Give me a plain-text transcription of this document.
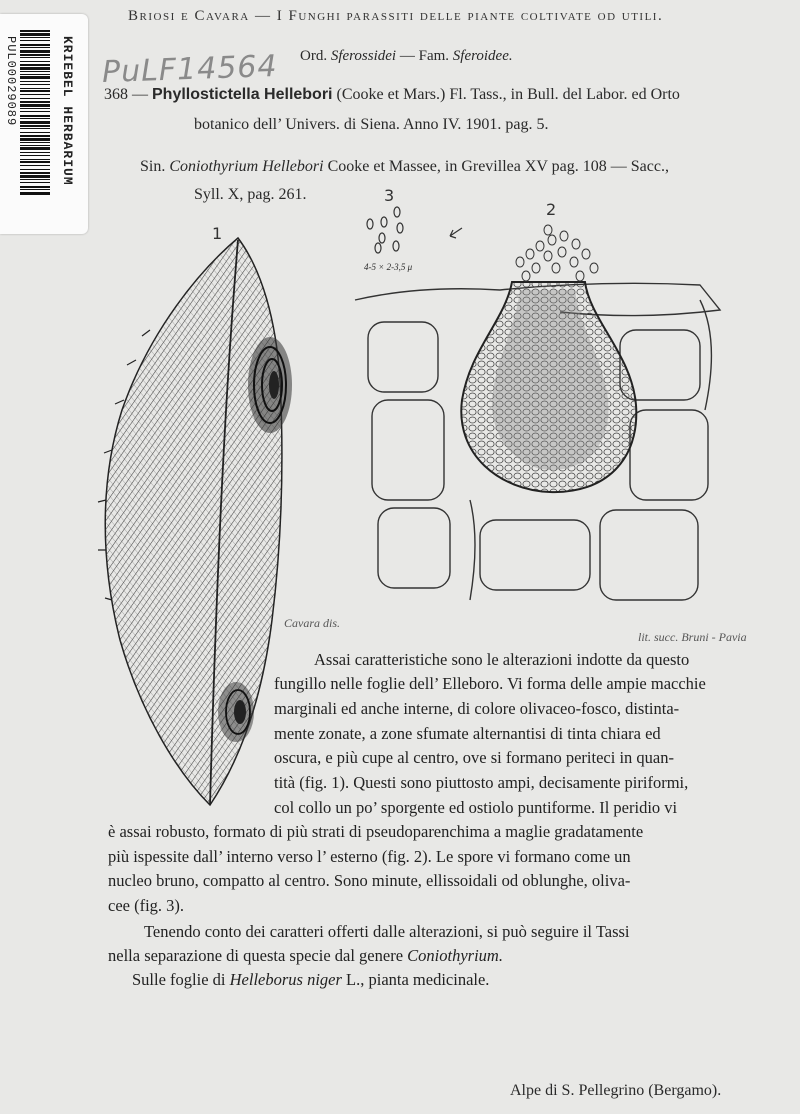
KRIEBEL HERBARIUM
PUL00029089
Briosi e Cavara — I Funghi parassiti delle piante coltivate od utili.
PuLF14564 Ord. Sferossidei — Fam. Sferoidee.
368 — Phyllostictella Hellebori (Cooke et Mars.) Fl. Tass., in Bull. del Labor. ed Orto
botanico dell’ Univers. di Siena. Anno IV. 1901. pag. 5.
Sin. Coniothyrium Hellebori Cooke et Massee, in Grevillea XV pag. 108 — Sacc.,
Syll. X, pag. 261.
1
2
3
4-5 × 2-3,5 μ
Cavara dis.
lit. succ. Bruni - Pavia
Assai caratteristiche sono le alterazioni indotte da questo
fungillo nelle foglie dell’ Elleboro. Vi forma delle ampie macchie
marginali ed anche interne, di colore olivaceo-fosco, distinta-
mente zonate, a zone sfumate alternantisi di tinta chiara ed
oscura, e più cupe al centro, ove si formano periteci in quan-
tità (fig. 1). Questi sono piuttosto ampi, decisamente piriformi,
col collo un po’ sporgente ed ostiolo puntiforme. Il peridio vi
è assai robusto, formato di più strati di pseudoparenchima a maglie gradatamente
più ispessite dall’ interno verso l’ esterno (fig. 2). Le spore vi formano come un
nucleo bruno, compatto al centro. Sono minute, ellissoidali od oblunghe, oliva-
cee (fig. 3).
Tenendo conto dei caratteri offerti dalle alterazioni, si può seguire il Tassi
nella separazione di questa specie dal genere Coniothyrium.
Sulle foglie di Helleborus niger L., pianta medicinale.
Alpe di S. Pellegrino (Bergamo).
